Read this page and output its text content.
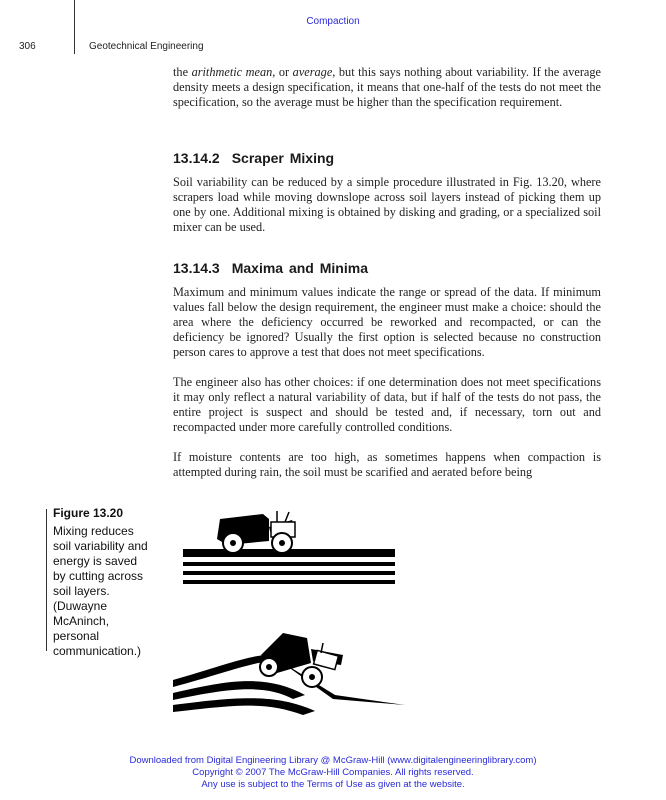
Compaction
306	Geotechnical Engineering

the arithmetic mean, or average, but this says nothing about variability. If the average density meets a design specification, it means that one-half of the tests do not meet the specification, so the average must be higher than the specification requirement.

13.14.2 Scraper Mixing

Soil variability can be reduced by a simple procedure illustrated in Fig. 13.20, where scrapers load while moving downslope across soil layers instead of picking them up one by one. Additional mixing is obtained by disking and grading, or a specialized soil mixer can be used.

13.14.3 Maxima and Minima

Maximum and minimum values indicate the range or spread of the data. If minimum values fall below the design requirement, the engineer must make a choice: should the area where the deficiency occurred be reworked and recompacted, or can the deficiency be ignored? Usually the first option is selected because no construction person cares to approve a test that does not meet specifications.

The engineer also has other choices: if one determination does not meet specifications it may only reflect a natural variability of data, but if half of the tests do not pass, the entire project is suspect and should be tested and, if necessary, torn out and recompacted under more carefully controlled conditions.

If moisture contents are too high, as sometimes happens when compaction is attempted during rain, the soil must be scarified and aerated before being

Figure 13.20
Mixing reduces
soil variability and
energy is saved
by cutting across
soil layers.
(Duwayne
McAninch,
personal
communication.)
Downloaded from Digital Engineering Library @ McGraw-Hill (www.digitalengineeringlibrary.com)
Copyright © 2007 The McGraw-Hill Companies. All rights reserved.
Any use is subject to the Terms of Use as given at the website.
